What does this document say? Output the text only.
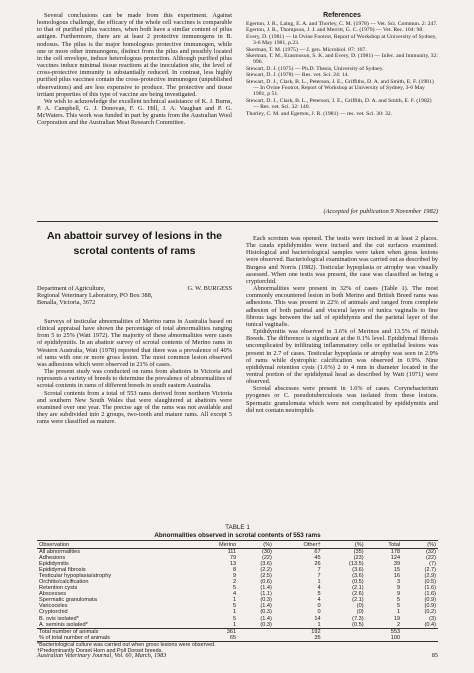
Several conclusions can be made from this experiment. Against homologous challenge, the efficacy of the whole cell vaccines is comparable to that of purified pilus vaccines, when both have a similar content of pilus antigen. Furthermore, there are at least 2 protective immunogens in B. nodosus. The pilus is the major homologous protective immunogen, while one or more other immunogens, distinct from the pilus and possibly located in the cell envelope, induce heterologous protection. Although purified pilus vaccines induce minimal tissue reactions at the inoculation site, the level of cross-protective immunity is substantially reduced. In contrast, less highly purified pilus vaccines contain the cross-protective immunogen (unpublished observations) and are less expensive to produce. The protective and tissue irritant properties of this type of vaccine are being investigated.

We wish to acknowledge the excellent technical assistance of K. J. Burns, P. A. Campbell, G. J. Donovan, F. G. Hill, J. A. Vaughan and P. G. McWaters. This work was funded in part by grants from the Australian Wool Corporation and the Australian Meat Research Committee.

References

Egerton, J. R., Laing, E. A. and Thorley, C. M. (1978) — Vet. Sci. Commun. 2: 247.

Egerton, J. R., Thompson, J. J. and Merritt, G. C. (1979) — Vet. Rec. 104: 98.

Every, D. (1981) — In Ovine Footrot, Report of Workshop at University of Sydney, 3-6 May 1981, p.23.

Skerman, T. M. (1975) — J. gen. Microbiol. 87: 107.

Skerman, T. M., Erasmuson, S. K. and Every, D. (1981) — Infec. and Immunity, 32: 996.

Stewart, D. J. (1975) — Ph.D. Thesis, University of Sydney.

Stewart, D. J. (1978) — Res. vet. Sci. 24: 14.

Stewart, D. J., Clark, B. L., Peterson, J. E., Griffiths, D. A. and Smith, E. F. (1981) — In Ovine Footrot, Report of Workshop at University of Sydney, 3-6 May 1981, p 51.

Stewart, D. J., Clark, B. L., Peterson, J. E., Griffith, D. A. and Smith, E. F. (1982) — Res. vet. Sci. 32: 140.

Thorley, C. M. and Egerton, J. R. (1981) — res. vet. Sci. 30: 32.

(Accepted for publication 9 November 1982)
An abattoir survey of lesions in the scrotal contents of rams
Department of Agriculture,	G. W. BURGESS
Regional Veterinary Laboratory, PO Box 388,
Benalla, Victoria, 3672

Surveys of testicular abnormalities of Merino rams in Australia based on clinical appraisal have shown the percentage of total abnormalities ranging from 5 to 25% (Watt 1972). The majority of these abnormalities were cases of epididymitis. In an abattoir survey of scrotal contents of Merino rams in Western Australia, Watt (1978) reported that there was a prevalence of 40% of rams with one or more gross lesion. The most common lesion observed was adhesions which were observed in 21% of cases.

The present study was conducted on rams from abattoirs in Victoria and represents a variety of breeds to determine the prevalence of abnormalities of scrotal contents in rams of different breeds in south eastern Australia.

Scrotal contents from a total of 553 rams derived from northern Victoria and southern New South Wales that were slaughtered at abattoirs were examined over one year. The precise age of the rams was not available and they are subdivided into 2 groups, two-tooth and mature rams. All except 5 rams were classified as mature.

Each scrotum was opened. The testis were incised in at least 2 places. The cauda epididymides were incised and the cut surfaces examined. Histological and bacteriological samples were taken when gross lesions were observed. Bacteriological examination was carried out as described by Burgess and Norris (1982). Testicular hypoplasia or atrophy was visually assessed. When one testis was present, the case was classified as being a cryptorchid.

Abnormalities were present in 32% of cases (Table 1). The most commonly encountered lesion in both Merino and British Breed rams was adhesions. This was present in 22% of animals and ranged from complete adhesion of both parietal and visceral layers of tunica vaginalis to fine fibrous tags between the tail of epididymis and the parietal layer of the tunical vaginalis.

Epididymitis was observed in 3.6% of Merinos and 13.5% of British Breeds. The difference is significant at the 0.1% level. Epididymal fibrosis uncomplicated by infiltrating inflammatory cells or epithelial lesions was present in 2.7 of cases. Testicular hypoplasia or atrophy was seen in 2.9% of rams while dystrophic calcification was observed in 0.9%. Nine epididymal retention cysts (1.6%) 2 to 4 mm in diameter located in the ventral portion of the epididymal head as described by Watt (1971) were observed.

Scrotal abscesses were present in 1.6% of cases. Corynebacterium pyogenes or C. pseudotuberculosis was isolated from these lesions. Spermatic granulomata which were not complicated by epididymitis and did not contain neutrophils

TABLE 1

Abnormalities observed in scrotal contents of 553 rams

Observation	Merino	(%)	Other†	(%)	Total	(%)
All abnormalities	111	(30)	67	(35)	178	(32)
Adhesions	79	(22)	45	(23)	124	(22)
Epididymitis	13	(3.6)	26	(13.5)	39	(7)
Epididymal fibrosis	8	(2.2)	7	(3.6)	15	(2.7)
Testicular hypoplasia/atrophy	9	(2.5)	7	(3.6)	16	(2.9)
Orchitis/calcification	2	(0.6)	1	(0.5)	3	(0.5)
Retention cysts	5	(1.4)	4	(2.1)	9	(1.6)
Abscesses	4	(1.1)	5	(2.6)	9	(1.6)
Spermatic granulomata	1	(0.3)	4	(2.1)	5	(0.9)
Varicoceles	5	(1.4)	0	(0)	5	(0.9)
Cryptorchid	1	(0.3)	0	(0)	1	(0.2)
B. ovis isolated*	5	(1.4)	14	(7.3)	19	(3)
A. seminis isolated*	1	(0.3)	1	(0.5)	2	(0.4)
Total number of animals	361		192		553	
% of total number of animals	65		35		100	

*Bacteriological culture was carried out when gross lesions were observed.

†Predominantly Dorset Horn and Poll Dorset breeds.

Australian Veterinary Journal, Vol. 60, March, 1983	85
